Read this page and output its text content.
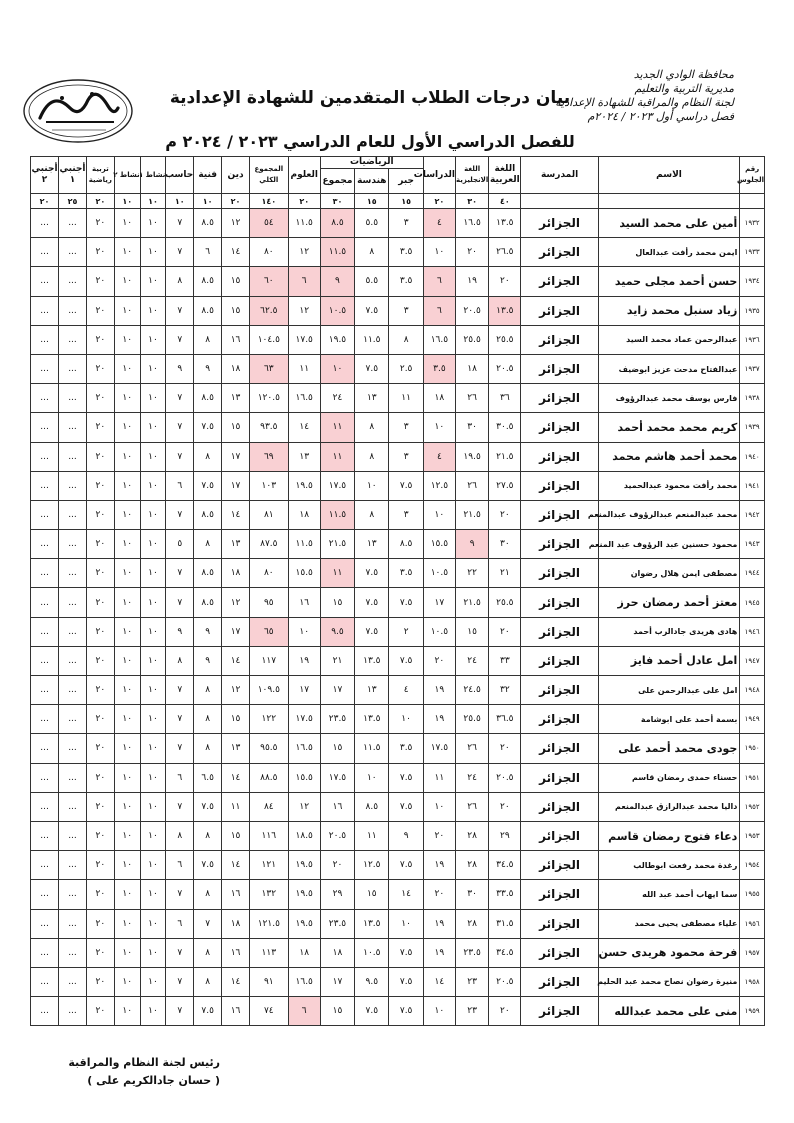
محافظة الوادي الجديد
مديرية التربية والتعليم
لجنة النظام والمراقبة للشهادة الإعدادية
فصل دراسي أول ٢٠٢٣ / ٢٠٢٤م
بيان درجات الطلاب المتقدمين للشهادة الإعدادية
للفصل الدراسي الأول للعام الدراسي ٢٠٢٣ / ٢٠٢٤ م
رقم الجلوس	الاسم	المدرسة	اللغة العربية	اللغة الانجليزية	الدراسات	الرياضيات			العلوم	المجموع الكلي	دين	فنية	حاسب	نشاط ١	نشاط ٢	تربية رياضية	أجنبي ١	أجنبي ٢
						جبر	هندسة	مجموع										
			٤٠	٣٠	٢٠	١٥	١٥	٣٠	٢٠	١٤٠	٢٠	١٠	١٠	١٠	١٠	٢٠	٢٥	٢٠
١٩٣٢	أمين على محمد السيد	الجزائر	١٣.٥	١٦.٥	٤	٣	٥.٥	٨.٥	١١.٥	٥٤	١٢	٨.٥	٧	١٠	١٠	٢٠	...	...
١٩٣٣	ايمن محمد رأفت عبدالعال	الجزائر	٢٦.٥	٢٠	١٠	٣.٥	٨	١١.٥	١٢	٨٠	١٤	٦	٧	١٠	١٠	٢٠	...	...
١٩٣٤	حسن أحمد مجلى حميد	الجزائر	٢٠	١٩	٦	٣.٥	٥.٥	٩	٦	٦٠	١٥	٨.٥	٨	١٠	١٠	٢٠	...	...
١٩٣٥	زياد سنبل محمد زايد	الجزائر	١٣.٥	٢٠.٥	٦	٣	٧.٥	١٠.٥	١٢	٦٢.٥	١٥	٨.٥	٧	١٠	١٠	٢٠	...	...
١٩٣٦	عبدالرحمن عماد محمد السيد	الجزائر	٢٥.٥	٢٥.٥	١٦.٥	٨	١١.٥	١٩.٥	١٧.٥	١٠٤.٥	١٦	٨	٧	١٠	١٠	٢٠	...	...
١٩٣٧	عبدالفتاح مدحت عزيز ابوضيف	الجزائر	٢٠.٥	١٨	٣.٥	٢.٥	٧.٥	١٠	١١	٦٣	١٨	٩	٩	١٠	١٠	٢٠	...	...
١٩٣٨	فارس يوسف محمد عبدالرؤوف	الجزائر	٣٦	٢٦	١٨	١١	١٣	٢٤	١٦.٥	١٢٠.٥	١٣	٨.٥	٧	١٠	١٠	٢٠	...	...
١٩٣٩	كريم محمد محمد أحمد	الجزائر	٣٠.٥	٣٠	١٠	٣	٨	١١	١٤	٩٣.٥	١٥	٧.٥	٧	١٠	١٠	٢٠	...	...
١٩٤٠	محمد أحمد هاشم محمد	الجزائر	٢١.٥	١٩.٥	٤	٣	٨	١١	١٣	٦٩	١٧	٨	٧	١٠	١٠	٢٠	...	...
١٩٤١	محمد رأفت محمود عبدالحميد	الجزائر	٢٧.٥	٢٦	١٢.٥	٧.٥	١٠	١٧.٥	١٩.٥	١٠٣	١٧	٧.٥	٦	١٠	١٠	٢٠	...	...
١٩٤٢	محمد عبدالمنعم عبدالرؤوف عبدالمنعم	الجزائر	٢٠	٢١.٥	١٠	٣	٨	١١.٥	١٨	٨١	١٤	٨.٥	٧	١٠	١٠	٢٠	...	...
١٩٤٣	محمود حسنين عبد الرؤوف عبد المنعم	الجزائر	٣٠	٩	١٥.٥	٨.٥	١٣	٢١.٥	١١.٥	٨٧.٥	١٣	٨	٥	١٠	١٠	٢٠	...	...
١٩٤٤	مصطفى ايمن هلال رضوان	الجزائر	٢١	٢٢	١٠.٥	٣.٥	٧.٥	١١	١٥.٥	٨٠	١٨	٨.٥	٧	١٠	١٠	٢٠	...	...
١٩٤٥	معتز أحمد رمضان حرز	الجزائر	٢٥.٥	٢١.٥	١٧	٧.٥	٧.٥	١٥	١٦	٩٥	١٢	٨.٥	٧	١٠	١٠	٢٠	...	...
١٩٤٦	هادى هريدى جادالرب أحمد	الجزائر	٢٠	١٥	١٠.٥	٢	٧.٥	٩.٥	١٠	٦٥	١٧	٩	٩	١٠	١٠	٢٠	...	...
١٩٤٧	امل عادل أحمد فايز	الجزائر	٣٣	٢٤	٢٠	٧.٥	١٣.٥	٢١	١٩	١١٧	١٤	٩	٨	١٠	١٠	٢٠	...	...
١٩٤٨	امل على عبدالرحمن على	الجزائر	٣٢	٢٤.٥	١٩	٤	١٣	١٧	١٧	١٠٩.٥	١٢	٨	٧	١٠	١٠	٢٠	...	...
١٩٤٩	بسمة أحمد على ابوشامة	الجزائر	٣٦.٥	٢٥.٥	١٩	١٠	١٣.٥	٢٣.٥	١٧.٥	١٢٢	١٥	٨	٧	١٠	١٠	٢٠	...	...
١٩٥٠	جودى محمد أحمد على	الجزائر	٢٠	٢٦	١٧.٥	٣.٥	١١.٥	١٥	١٦.٥	٩٥.٥	١٣	٨	٧	١٠	١٠	٢٠	...	...
١٩٥١	حسناء حمدى رمضان قاسم	الجزائر	٢٠.٥	٢٤	١١	٧.٥	١٠	١٧.٥	١٥.٥	٨٨.٥	١٤	٦.٥	٦	١٠	١٠	٢٠	...	...
١٩٥٢	داليا محمد عبدالرازق عبدالمنعم	الجزائر	٢٠	٢٦	١٠	٧.٥	٨.٥	١٦	١٢	٨٤	١١	٧.٥	٧	١٠	١٠	٢٠	...	...
١٩٥٣	دعاء فتوح رمضان قاسم	الجزائر	٢٩	٢٨	٢٠	٩	١١	٢٠.٥	١٨.٥	١١٦	١٥	٨	٨	١٠	١٠	٢٠	...	...
١٩٥٤	رغدة محمد رفعت ابوطالب	الجزائر	٣٤.٥	٢٨	١٩	٧.٥	١٢.٥	٢٠	١٩.٥	١٢١	١٤	٧.٥	٦	١٠	١٠	٢٠	...	...
١٩٥٥	سما ايهاب أحمد عبد الله	الجزائر	٣٣.٥	٣٠	٢٠	١٤	١٥	٢٩	١٩.٥	١٣٢	١٦	٨	٧	١٠	١٠	٢٠	...	...
١٩٥٦	علياء مصطفى يحيى محمد	الجزائر	٣١.٥	٢٨	١٩	١٠	١٣.٥	٢٣.٥	١٩.٥	١٢١.٥	١٨	٧	٦	١٠	١٠	٢٠	...	...
١٩٥٧	فرحة محمود هريدى حسن	الجزائر	٣٤.٥	٢٣.٥	١٩	٧.٥	١٠.٥	١٨	١٨	١١٣	١٦	٨	٧	١٠	١٠	٢٠	...	...
١٩٥٨	منيرة رضوان نصاح محمد عبد الحليم	الجزائر	٢٠.٥	٢٣	١٤	٧.٥	٩.٥	١٧	١٦.٥	٩١	١٤	٨	٧	١٠	١٠	٢٠	...	...
١٩٥٩	منى على محمد عبدالله	الجزائر	٢٠	٢٣	١٠	٧.٥	٧.٥	١٥	٦	٧٤	١٦	٧.٥	٧	١٠	١٠	٢٠	...	...
رئيس لجنة النظام والمراقبة
( حسان جادالكريم على )
